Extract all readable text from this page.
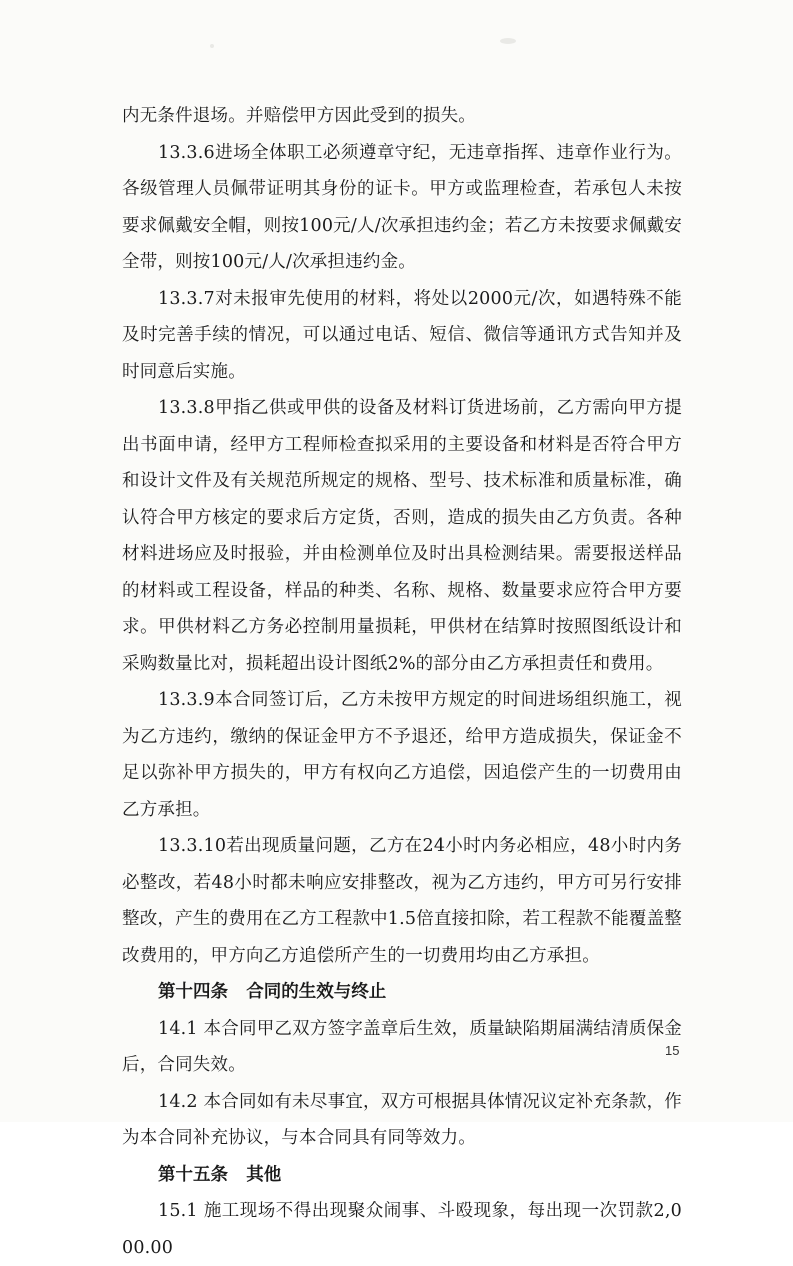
内无条件退场。并赔偿甲方因此受到的损失。

13.3.6进场全体职工必须遵章守纪，无违章指挥、违章作业行为。各级管理人员佩带证明其身份的证卡。甲方或监理检查，若承包人未按要求佩戴安全帽，则按100元/人/次承担违约金；若乙方未按要求佩戴安全带，则按100元/人/次承担违约金。

13.3.7对未报审先使用的材料，将处以2000元/次，如遇特殊不能及时完善手续的情况，可以通过电话、短信、微信等通讯方式告知并及时同意后实施。

13.3.8甲指乙供或甲供的设备及材料订货进场前，乙方需向甲方提出书面申请，经甲方工程师检查拟采用的主要设备和材料是否符合甲方和设计文件及有关规范所规定的规格、型号、技术标准和质量标准，确认符合甲方核定的要求后方定货，否则，造成的损失由乙方负责。各种材料进场应及时报验，并由检测单位及时出具检测结果。需要报送样品的材料或工程设备，样品的种类、名称、规格、数量要求应符合甲方要求。甲供材料乙方务必控制用量损耗，甲供材在结算时按照图纸设计和采购数量比对，损耗超出设计图纸2%的部分由乙方承担责任和费用。

13.3.9本合同签订后，乙方未按甲方规定的时间进场组织施工，视为乙方违约，缴纳的保证金甲方不予退还，给甲方造成损失，保证金不足以弥补甲方损失的，甲方有权向乙方追偿，因追偿产生的一切费用由乙方承担。

13.3.10若出现质量问题，乙方在24小时内务必相应，48小时内务必整改，若48小时都未响应安排整改，视为乙方违约，甲方可另行安排整改，产生的费用在乙方工程款中1.5倍直接扣除，若工程款不能覆盖整改费用的，甲方向乙方追偿所产生的一切费用均由乙方承担。

第十四条   合同的生效与终止

14.1 本合同甲乙双方签字盖章后生效，质量缺陷期届满结清质保金后，合同失效。

14.2 本合同如有未尽事宜，双方可根据具体情况议定补充条款，作为本合同补充协议，与本合同具有同等效力。

第十五条   其他

15.1 施工现场不得出现聚众闹事、斗殴现象，每出现一次罚款2,000.00

15
